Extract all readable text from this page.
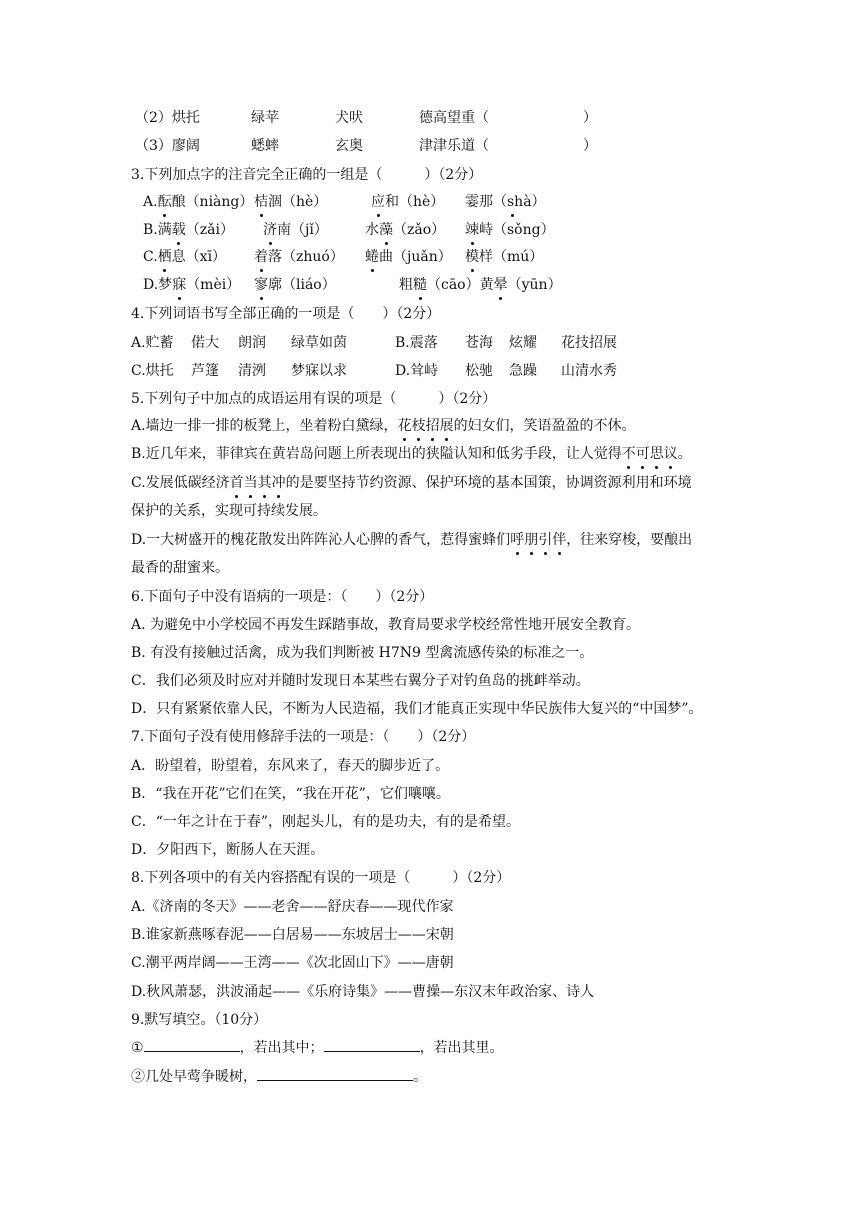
（2）烘托	绿苹	犬吠	德高望重（	）
（3）廖阔	蟋蟀	玄奥	津津乐道（	）
3.下列加点字的注音完全正确的一组是（　　　）（2分）
A.酝酿（niàng） 桔涸（hè）	应和（hè） 霎那（shà）
B.满载（zǎi） 济南（jǐ）	水藻（zǎo） 竦峙（sǒng）
C.栖息（xī） 着落（zhuó） 蜷曲（juǎn） 模样（mú）
D.梦寐（mèi） 寥廓（liáo）	粗糙（cāo）黄晕（yūn）
4.下列词语书写全部正确的一项是（　　）（2分）
A.贮蓄 偌大 朗润 绿草如茵	B.震落 苍海 炫耀 花技招展
C.烘托 芦篷 清洌 梦寐以求	D.耸峙 松驰 急躁 山清水秀
5.下列句子中加点的成语运用有误的项是（　　　）（2分）
A.墙边一排一排的板凳上，坐着粉白黛绿，花枝招展的妇女们，笑语盈盈的不休。
B.近几年来，菲律宾在黄岩岛问题上所表现出的狭隘认知和低劣手段，让人觉得不可思议。
C.发展低碳经济首当其冲的是要坚持节约资源、保护环境的基本国策，协调资源利用和环境
保护的关系，实现可持续发展。
D.一大树盛开的槐花散发出阵阵沁人心脾的香气，惹得蜜蜂们呼朋引伴，往来穿梭，要酿出
最香的甜蜜来。
6.下面句子中没有语病的一项是：（　　）（2分）
A. 为避免中小学校园不再发生踩踏事故，教育局要求学校经常性地开展安全教育。
B. 有没有接触过活禽，成为我们判断被 H7N9 型禽流感传染的标准之一。
C．我们必须及时应对并随时发现日本某些右翼分子对钓鱼岛的挑衅举动。
D．只有紧紧依靠人民，不断为人民造福，我们才能真正实现中华民族伟大复兴的“中国梦”。
7.下面句子没有使用修辞手法的一项是：（　　）（2分）
A．盼望着，盼望着，东风来了，春天的脚步近了。
B．“我在开花”它们在笑，“我在开花”，它们嚷嚷。
C．“一年之计在于春”，刚起头儿，有的是功夫，有的是希望。
D．夕阳西下，断肠人在天涯。
8.下列各项中的有关内容搭配有误的一项是（　　　）（2分）
A.《济南的冬天》——老舍——舒庆春——现代作家
B.谁家新燕啄春泥——白居易——东坡居士——宋朝
C.潮平两岸阔——王湾——《次北固山下》——唐朝
D.秋风萧瑟，洪波涌起——《乐府诗集》——曹操—东汉末年政治家、诗人
9.默写填空。（10分）
①	，若出其中；	，若出其里。
②几处早莺争暖树，	。
